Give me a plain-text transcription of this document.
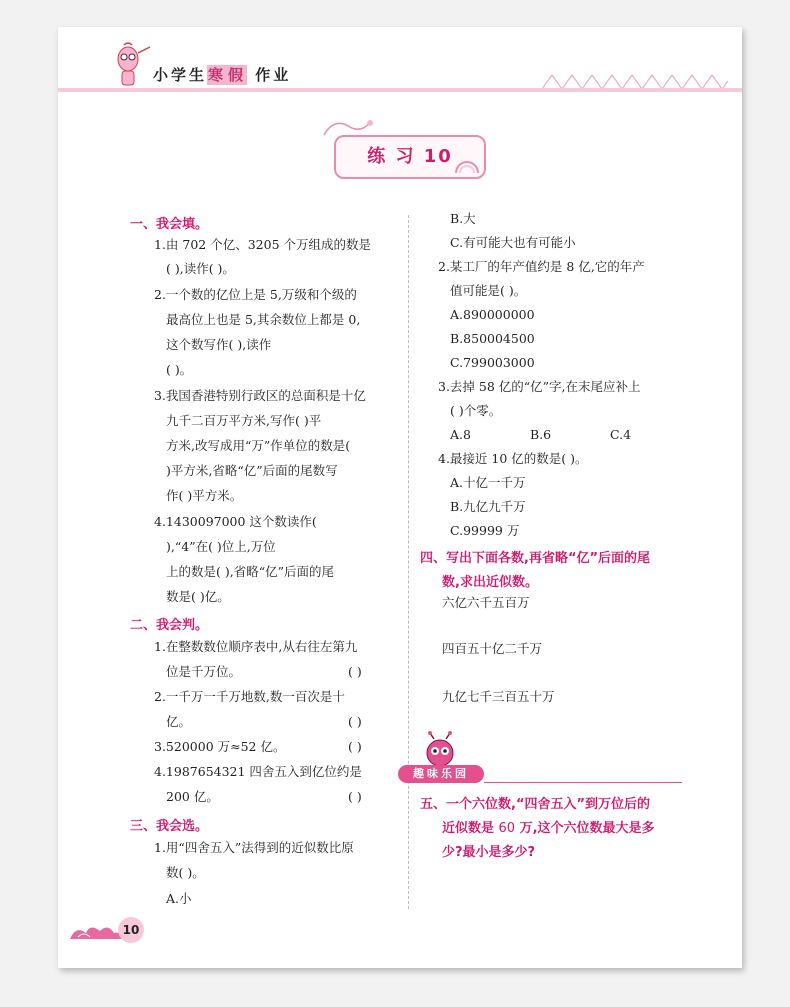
小学生寒 假 作业
练 习 10
一、我会填。
1.由 702 个亿、3205 个万组成的数是
( ),读作( )。
2.一个数的亿位上是 5,万级和个级的
最高位上也是 5,其余数位上都是 0,
这个数写作( ),读作
( )。
3.我国香港特别行政区的总面积是十亿
九千二百万平方米,写作( )平
方米,改写成用“万”作单位的数是(
)平方米,省略“亿”后面的尾数写
作( )平方米。
4.1430097000 这个数读作(
),“4”在( )位上,万位
上的数是( ),省略“亿”后面的尾
数是( )亿。
二、我会判。
1.在整数数位顺序表中,从右往左第九
位是千万位。	( )
2.一千万一千万地数,数一百次是十
亿。	( )
3.520000 万≈52 亿。	( )
4.1987654321 四舍五入到亿位约是
200 亿。	( )
三、我会选。
1.用“四舍五入”法得到的近似数比原
数( )。
A.小
B.大
C.有可能大也有可能小
2.某工厂的年产值约是 8 亿,它的年产
值可能是( )。
A.890000000
B.850004500
C.799003000
3.去掉 58 亿的“亿”字,在末尾应补上
( )个零。
A.8	B.6	C.4
4.最接近 10 亿的数是( )。
A.十亿一千万
B.九亿九千万
C.99999 万
四、写出下面各数,再省略“亿”后面的尾
数,求出近似数。
六亿六千五百万
四百五十亿二千万
九亿七千三百五十万
趣味乐园
五、一个六位数,“四舍五入”到万位后的
近似数是 60 万,这个六位数最大是多
少?最小是多少?
10
